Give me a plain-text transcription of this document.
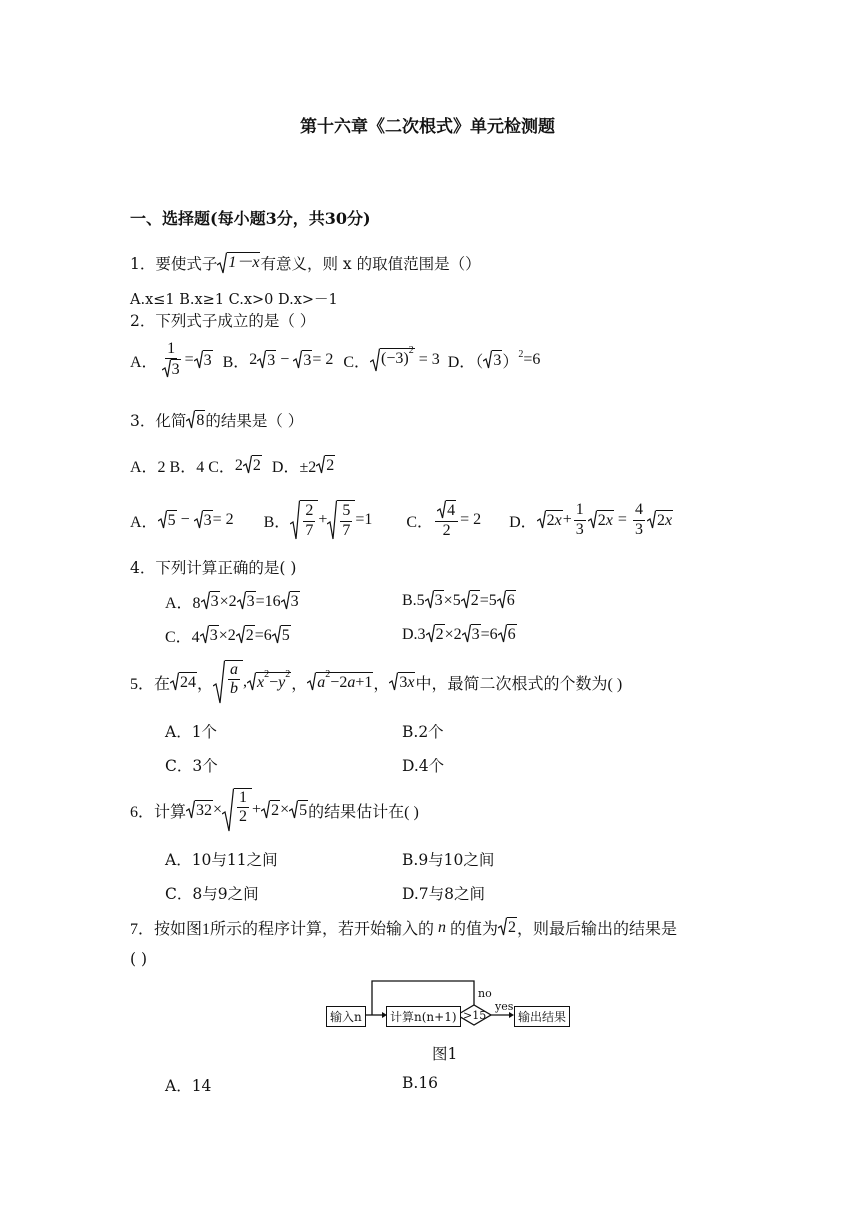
第十六章《二次根式》单元检测题
一、选择题(每小题3分，共30分)
1．要使式子 1－x 有意义，则 x 的取值范围是（）
A.x≤1 B.x≥1 C.x>0 D.x>－1
2．下列式子成立的是（ ）
A． $\frac{1}{3} = 3$ B． 2 3 − 3 = 2 C． $(-3)^2$

= 3 D．（ 3 ） 2 =6
3．化简 8 的结果是（ ）
A．2 B．4 C． 2 2 D．±2 2
A． 5 − 3 = 2 B． $\frac{2}{7} + \frac{5}{7} =1$ C． $\frac{4}{2} = 2$ D． $2x + \frac{1}{3} 2x = \frac{4}{3} 2x$
4．下列计算正确的是( )
A．8 3 ×2 3 =16 3	B.5 3 ×5 2 =5 6
C．4 3 ×2 2 =6 5	D.3 2 ×2 3 =6 6
5．在 24 ， $\frac{a}{b}$ , $x^2-y^2$
， $a^2-2a+1$ ， 3x 中，最简二次根式的个数为( )
A．1个	B.2个
C．3个	D.4个
6．计算 $32 \times \frac{1}{2} + 2 \times 5$ 的结果估计在( )
A．10与11之间	B.9与10之间
C．8与9之间	D.7与8之间
7．按如图1所示的程序计算，若开始输入的 n 的值为 2 ，则最后输出的结果是
( )
输入n	计算n(n+1) >15
no
yes
输出结果
图1
A．14	B.16
